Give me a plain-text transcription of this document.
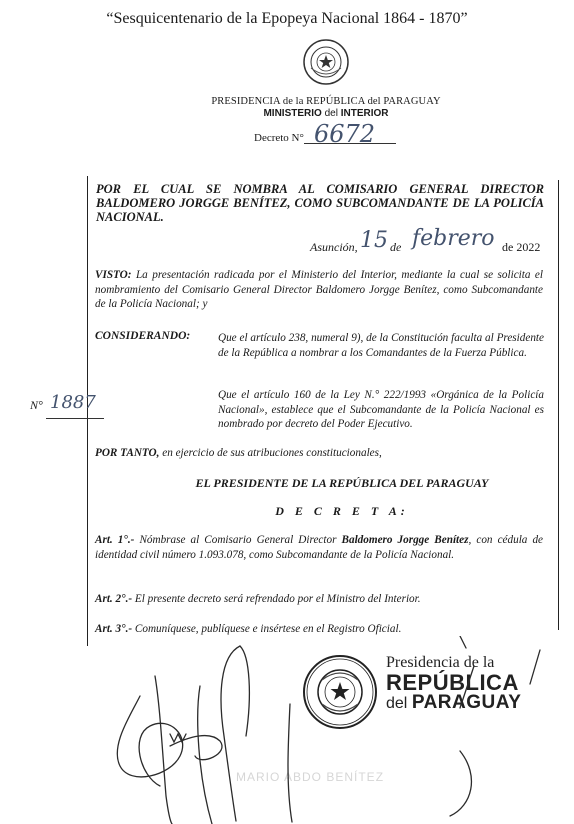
“Sesquicentenario de la Epopeya Nacional 1864 - 1870”
PRESIDENCIA de la REPÚBLICA del PARAGUAY
MINISTERIO del INTERIOR
Decreto N° 6672
POR EL CUAL SE NOMBRA AL COMISARIO GENERAL DIRECTOR BALDOMERO JORGGE BENÍTEZ, COMO SUBCOMANDANTE DE LA POLICÍA NACIONAL.
Asunción, 15 de febrero de 2022
VISTO: La presentación radicada por el Ministerio del Interior, mediante la cual se solicita el nombramiento del Comisario General Director Baldomero Jorgge Benítez, como Subcomandante de la Policía Nacional; y
CONSIDERANDO: Que el artículo 238, numeral 9), de la Constitución faculta al Presidente de la República a nombrar a los Comandantes de la Fuerza Pública.
Que el artículo 160 de la Ley N.° 222/1993 «Orgánica de la Policía Nacional», establece que el Subcomandante de la Policía Nacional es nombrado por decreto del Poder Ejecutivo.
N° 1887
POR TANTO, en ejercicio de sus atribuciones constitucionales,
EL PRESIDENTE DE LA REPÚBLICA DEL PARAGUAY
D E C R E T A:
Art. 1°.- Nómbrase al Comisario General Director Baldomero Jorgge Benítez, con cédula de identidad civil número 1.093.078, como Subcomandante de la Policía Nacional.
Art. 2°.- El presente decreto será refrendado por el Ministro del Interior.
Art. 3°.- Comuníquese, publíquese e insértese en el Registro Oficial.
MARIO ABDO BENÍTEZ
Presidencia de la
REPÚBLICA
del PARAGUAY
